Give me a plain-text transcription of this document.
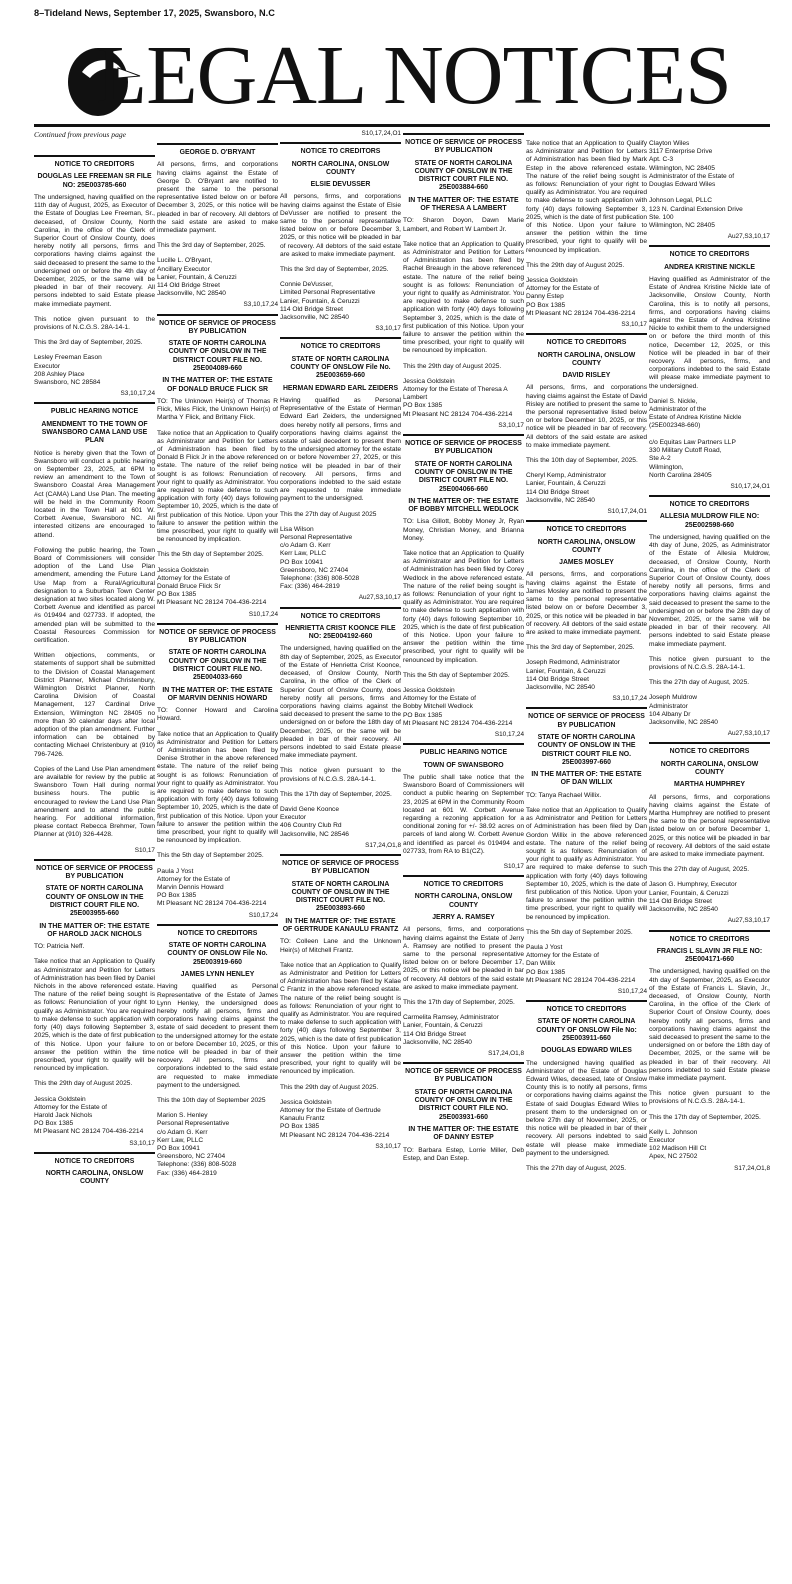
8–Tideland News, September 17, 2025, Swansboro, N.C
LEGAL NOTICES
Continued from previous page
NOTICE TO CREDITORS
DOUGLAS LEE FREEMAN SR FILE NO: 25E003785-660
The undersigned, having qualified on the 11th day of August, 2025, as Executor of the Estate of Douglas Lee Freeman, Sr., deceased, of Onslow County, North Carolina, in the office of the Clerk of Superior Court of Onslow County, does hereby notify all persons, firms and corporations having claims against the said deceased to present the same to the undersigned on or before the 4th day of December, 2025, or the same will be pleaded in bar of their recovery. All persons indebted to said Estate please make immediate payment.
This notice given pursuant to the provisions of N.C.G.S. 28A-14-1.
This the 3rd day of September, 2025.
Lesley Freeman Eason
Executor
208 Ashley Place
Swansboro, NC 28584
S3,10,17,24
PUBLIC HEARING NOTICE
AMENDMENT TO THE TOWN OF SWANSBORO CAMA LAND USE PLAN
Notice is hereby given that the Town of Swansboro will conduct a public hearing on September 23, 2025, at 6PM to review an amendment to the Town of Swansboro Coastal Area Management Act (CAMA) Land Use Plan. The meeting will be held in the Community Room located in the Town Hall at 601 W. Corbett Avenue, Swansboro NC. All interested citizens are encouraged to attend.
Following the public hearing, the Town Board of Commissioners will consider adoption of the Land Use Plan amendment, amending the Future Land Use Map from a Rural/Agricultural designation to a Suburban Town Center designation at two sites located along W. Corbett Avenue and identified as parcel #s 019494 and 027733. If adopted, the amended plan will be submitted to the Coastal Resources Commission for certification.
Written objections, comments, or statements of support shall be submitted to the Division of Coastal Management District Planner, Michael Christenbury, Wilmington District Planner, North Carolina Division of Coastal Management, 127 Cardinal Drive Extension, Wilmington NC 28405 no more than 30 calendar days after local adoption of the plan amendment. Further information can be obtained by contacting Michael Christenbury at (910) 796-7426.
Copies of the Land Use Plan amendment are available for review by the public at Swansboro Town Hall during normal business hours. The public is encouraged to review the Land Use Plan amendment and to attend the public hearing. For additional information, please contact Rebecca Brehmer, Town Planner at (910) 326-4428.
S10,17
NOTICE OF SERVICE OF PROCESS BY PUBLICATION
STATE OF NORTH CAROLINA COUNTY OF ONSLOW IN THE DISTRICT COURT FILE NO. 25E003955-660
IN THE MATTER OF: THE ESTATE OF HAROLD JACK NICHOLS
TO: Patricia Neff.
Take notice that an Application to Qualify as Administrator and Petition for Letters of Administration has been filed by Daniel Nichols in the above referenced estate. The nature of the relief being sought is as follows: Renunciation of your right to qualify as Administrator. You are required to make defense to such application with forty (40) days following September 3, 2025, which is the date of first publication of this Notice. Upon your failure to answer the petition within the time prescribed, your right to qualify will be renounced by implication.
This the 29th day of August 2025.
Jessica Goldstein
Attorney for the Estate of
Harold Jack Nichols
PO Box 1385
Mt Pleasant NC 28124 704-436-2214
S3,10,17
NOTICE TO CREDITORS
NORTH CAROLINA, ONSLOW COUNTY
GEORGE D. O'BRYANT
All persons, firms, and corporations having claims against the Estate of George D. O'Bryant are notified to present the same to the personal representative listed below on or before December 3, 2025, or this notice will be pleaded in bar of recovery. All debtors of the said estate are asked to make immediate payment.
This the 3rd day of September, 2025.
Lucille L. O'Bryant,
Ancillary Executor
Lanier, Fountain, & Ceruzzi
114 Old Bridge Street
Jacksonville, NC 28540
S3,10,17,24
NOTICE OF SERVICE OF PROCESS BY PUBLICATION
STATE OF NORTH CAROLINA COUNTY OF ONSLOW IN THE DISTRICT COURT FILE NO. 25E004089-660
IN THE MATTER OF: THE ESTATE OF DONALD BRUCE FLICK SR
TO: The Unknown Heir(s) of Thomas R Flick, Miles Flick, the Unknown Heir(s) of Martha Y Flick, and Brittany Flick.
Take notice that an Application to Qualify as Administrator and Petition for Letters of Administration has been filed by Donald B Flick Jr in the above referenced estate. The nature of the relief being sought is as follows: Renunciation of your right to qualify as Administrator. You are required to make defense to such application with forty (40) days following September 10, 2025, which is the date of first publication of this Notice. Upon your failure to answer the petition within the time prescribed, your right to qualify will be renounced by implication.
This the 5th day of September 2025.
Jessica Goldstein
Attorney for the Estate of
Donald Bruce Flick Sr
PO Box 1385
Mt Pleasant NC 28124 704-436-2214
S10,17,24
NOTICE OF SERVICE OF PROCESS BY PUBLICATION
STATE OF NORTH CAROLINA COUNTY OF ONSLOW IN THE DISTRICT COURT FILE NO. 25E004033-660
IN THE MATTER OF: THE ESTATE OF MARVIN DENNIS HOWARD
TO: Conner Howard and Carolina Howard.
Take notice that an Application to Qualify as Administrator and Petition for Letters of Administration has been filed by Denise Strother in the above referenced estate. The nature of the relief being sought is as follows: Renunciation of your right to qualify as Administrator. You are required to make defense to such application with forty (40) days following September 10, 2025, which is the date of first publication of this Notice. Upon your failure to answer the petition within the time prescribed, your right to qualify will be renounced by implication.
This the 5th day of September 2025.
Paula J Yost
Attorney for the Estate of
Marvin Dennis Howard
PO Box 1385
Mt Pleasant NC 28124 704-436-2214
S10,17,24
NOTICE TO CREDITORS
STATE OF NORTH CAROLINA COUNTY OF ONSLOW File No. 25E003919-660
JAMES LYNN HENLEY
Having qualified as Personal Representative of the Estate of James Lynn Henley, the undersigned does hereby notify all persons, firms and corporations having claims against the estate of said decedent to present them to the undersigned attorney for the estate on or before December 10, 2025, or this notice will be pleaded in bar of their recovery. All persons, firms and corporations indebted to the said estate are requested to make immediate payment to the undersigned.
This the 10th day of September 2025
Marion S. Henley
Personal Representative
c/o Adam G. Kerr
Kerr Law, PLLC
PO Box 10941
Greensboro, NC 27404
Telephone: (336) 808-5028
Fax: (336) 464-2819
S10,17,24,O1
NOTICE TO CREDITORS
NORTH CAROLINA, ONSLOW COUNTY
ELSIE DEVUSSER
All persons, firms, and corporations having claims against the Estate of Elsie DeVusser are notified to present the same to the personal representative listed below on or before December 3, 2025, or this notice will be pleaded in bar of recovery. All debtors of the said estate are asked to make immediate payment.
This the 3rd day of September, 2025.
Connie DeVusser,
Limited Personal Representative
Lanier, Fountain, & Ceruzzi
114 Old Bridge Street
Jacksonville, NC 28540
S3,10,17
NOTICE TO CREDITORS
STATE OF NORTH CAROLINA COUNTY OF ONSLOW File No. 25E003659-660
HERMAN EDWARD EARL ZEIDERS
Having qualified as Personal Representative of the Estate of Herman Edward Earl Zeiders, the undersigned does hereby notify all persons, firms and corporations having claims against the estate of said decedent to present them to the undersigned attorney for the estate on or before November 27, 2025, or this notice will be pleaded in bar of their recovery. All persons, firms and corporations indebted to the said estate are requested to make immediate payment to the undersigned.
This the 27th day of August 2025
Lisa Wilson
Personal Representative
c/o Adam G. Kerr
Kerr Law, PLLC
PO Box 10941
Greensboro, NC 27404
Telephone: (336) 808-5028
Fax: (336) 464-2819
Au27,S3,10,17
NOTICE TO CREDITORS
HENRIETTA CRIST KOONCE FILE NO: 25E004192-660
The undersigned, having qualified on the 8th day of September, 2025, as Executor of the Estate of Henrietta Crist Koonce, deceased, of Onslow County, North Carolina, in the office of the Clerk of Superior Court of Onslow County, does hereby notify all persons, firms and corporations having claims against the said deceased to present the same to the undersigned on or before the 18th day of December, 2025, or the same will be pleaded in bar of their recovery. All persons indebted to said Estate please make immediate payment.
This notice given pursuant to the provisions of N.C.G.S. 28A-14-1.
This the 17th day of September, 2025.
David Gene Koonce
Executor
406 Country Club Rd
Jacksonville, NC 28546
S17,24,O1,8
NOTICE OF SERVICE OF PROCESS BY PUBLICATION
STATE OF NORTH CAROLINA COUNTY OF ONSLOW IN THE DISTRICT COURT FILE NO. 25E003893-660
IN THE MATTER OF: THE ESTATE OF GERTRUDE KANAULU FRANTZ
TO: Colleen Lane and the Unknown Heir(s) of Mitchell Frantz.
Take notice that an Application to Qualify as Administrator and Petition for Letters of Administration has been filed by Kalae C Frantz in the above referenced estate. The nature of the relief being sought is as follows: Renunciation of your right to qualify as Administrator. You are required to make defense to such application with forty (40) days following September 3, 2025, which is the date of first publication of this Notice. Upon your failure to answer the petition within the time prescribed, your right to qualify will be renounced by implication.
This the 29th day of August 2025.
Jessica Goldstein
Attorney for the Estate of Gertrude Kanaulu Frantz
PO Box 1385
Mt Pleasant NC 28124 704-436-2214
S3,10,17
NOTICE OF SERVICE OF PROCESS BY PUBLICATION
STATE OF NORTH CAROLINA COUNTY OF ONSLOW IN THE DISTRICT COURT FILE NO. 25E003884-660
IN THE MATTER OF: THE ESTATE OF THERESA A LAMBERT
TO: Sharon Doyon, Dawn Marie Lambert, and Robert W Lambert Jr.
Take notice that an Application to Qualify as Administrator and Petition for Letters of Administration has been filed by Rachel Breaugh in the above referenced estate. The nature of the relief being sought is as follows: Renunciation of your right to qualify as Administrator. You are required to make defense to such application with forty (40) days following September 3, 2025, which is the date of first publication of this Notice. Upon your failure to answer the petition within the time prescribed, your right to qualify will be renounced by implication.
This the 29th day of August 2025.
Jessica Goldstein
Attorney for the Estate of Theresa A Lambert
PO Box 1385
Mt Pleasant NC 28124 704-436-2214
S3,10,17
NOTICE OF SERVICE OF PROCESS BY PUBLICATION
STATE OF NORTH CAROLINA COUNTY OF ONSLOW IN THE DISTRICT COURT FILE NO. 25E004066-660
IN THE MATTER OF: THE ESTATE OF BOBBY MITCHELL WEDLOCK
TO: Lisa Gillott, Bobby Money Jr, Ryan Money, Christian Money, and Brianna Money.
Take notice that an Application to Qualify as Administrator and Petition for Letters of Administration has been filed by Corey Wedlock in the above referenced estate. The nature of the relief being sought is as follows: Renunciation of your right to qualify as Administrator. You are required to make defense to such application with forty (40) days following September 10, 2025, which is the date of first publication of this Notice. Upon your failure to answer the petition within the time prescribed, your right to qualify will be renounced by implication.
This the 5th day of September 2025.
Jessica Goldstein
Attorney for the Estate of
Bobby Mitchell Wedlock
PO Box 1385
Mt Pleasant NC 28124 704-436-2214
S10,17,24
PUBLIC HEARING NOTICE
TOWN OF SWANSBORO
The public shall take notice that the Swansboro Board of Commissioners will conduct a public hearing on September 23, 2025 at 6PM in the Community Room located at 601 W. Corbett Avenue regarding a rezoning application for a conditional zoning for +/- 38.92 acres on parcels of land along W. Corbett Avenue and identified as parcel #s 019494 and 027733, from RA to B1(CZ).
S10,17
NOTICE TO CREDITORS
NORTH CAROLINA, ONSLOW COUNTY
JERRY A. RAMSEY
All persons, firms, and corporations having claims against the Estate of Jerry A. Ramsey are notified to present the same to the personal representative listed below on or before December 17, 2025, or this notice will be pleaded in bar of recovery. All debtors of the said estate are asked to make immediate payment.
This the 17th day of September, 2025.
Carmelita Ramsey, Administrator
Lanier, Fountain, & Ceruzzi
114 Old Bridge Street
Jacksonville, NC 28540
S17,24,O1,8
NOTICE OF SERVICE OF PROCESS BY PUBLICATION
STATE OF NORTH CAROLINA COUNTY OF ONSLOW IN THE DISTRICT COURT FILE NO. 25E003931-660
IN THE MATTER OF: THE ESTATE OF DANNY ESTEP
TO: Barbara Estep, Lorrie Miller, Deb Estep, and Dan Estep.
Take notice that an Application to Qualify as Administrator and Petition for Letters of Administration has been filed by Mark Estep in the above referenced estate. The nature of the relief being sought is as follows: Renunciation of your right to qualify as Administrator. You are required to make defense to such application with forty (40) days following September 3, 2025, which is the date of first publication of this Notice. Upon your failure to answer the petition within the time prescribed, your right to qualify will be renounced by implication.
This the 29th day of August 2025.
Jessica Goldstein
Attorney for the Estate of
Danny Estep
PO Box 1385
Mt Pleasant NC 28124 704-436-2214
S3,10,17
NOTICE TO CREDITORS
NORTH CAROLINA, ONSLOW COUNTY
DAVID RISLEY
All persons, firms, and corporations having claims against the Estate of David Risley are notified to present the same to the personal representative listed below on or before December 10, 2025, or this notice will be pleaded in bar of recovery. All debtors of the said estate are asked to make immediate payment.
This the 10th day of September, 2025.
Cheryl Kemp, Administrator
Lanier, Fountain, & Ceruzzi
114 Old Bridge Street
Jacksonville, NC 28540
S10,17,24,O1
NOTICE TO CREDITORS
NORTH CAROLINA, ONSLOW COUNTY
JAMES MOSLEY
All persons, firms, and corporations having claims against the Estate of James Mosley are notified to present the same to the personal representative listed below on or before December 3, 2025, or this notice will be pleaded in bar of recovery. All debtors of the said estate are asked to make immediate payment.
This the 3rd day of September, 2025.
Joseph Redmond, Administrator
Lanier, Fountain, & Ceruzzi
114 Old Bridge Street
Jacksonville, NC 28540
S3,10,17,24
NOTICE OF SERVICE OF PROCESS BY PUBLICATION
STATE OF NORTH CAROLINA COUNTY OF ONSLOW IN THE DISTRICT COURT FILE NO. 25E003997-660
IN THE MATTER OF: THE ESTATE OF DAN WILLIX
TO: Tanya Rachael Willix.
Take notice that an Application to Qualify as Administrator and Petition for Letters of Administration has been filed by Dan Gordon Willix in the above referenced estate. The nature of the relief being sought is as follows: Renunciation of your right to qualify as Administrator. You are required to make defense to such application with forty (40) days following September 10, 2025, which is the date of first publication of this Notice. Upon your failure to answer the petition within the time prescribed, your right to qualify will be renounced by implication.
This the 5th day of September 2025.
Paula J Yost
Attorney for the Estate of
Dan Willix
PO Box 1385
Mt Pleasant NC 28124 704-436-2214
S10,17,24
NOTICE TO CREDITORS
STATE OF NORTH CAROLINA COUNTY OF ONSLOW File No: 25E003911-660
DOUGLAS EDWARD WILES
The undersigned having qualified as Administrator of the Estate of Douglas Edward Wiles, deceased, late of Onslow County this is to notify all persons, firms or corporations having claims against the Estate of said Douglas Edward Wiles to present them to the undersigned on or before 27th day of November, 2025, or this notice will be pleaded in bar of their recovery. All persons indebted to said estate will please make immediate payment to the undersigned.
This the 27th day of August, 2025.
Clayton Wiles
3117 Enterprise Drive
Apt. C-3
Wilmington, NC 28405
Administrator of the Estate of
Douglas Edward Wiles

Johnson Legal, PLLC
123 N. Cardinal Extension Drive
Ste. 100
Wilmington, NC 28405
Au27,S3,10,17
NOTICE TO CREDITORS
ANDREA KRISTINE NICKLE
Having qualified as Administrator of the Estate of Andrea Kristine Nickle late of Jacksonville, Onslow County, North Carolina, this is to notify all persons, firms, and corporations having claims against the Estate of Andrea Kristine Nickle to exhibit them to the undersigned on or before the third month of this notice, December 12, 2025, or this Notice will be pleaded in bar of their recovery. All persons, firms, and corporations indebted to the said Estate will please make immediate payment to the undersigned.
Daniel S. Nickle,
Administrator of the
Estate of Andrea Kristine Nickle
(25E002348-660)

c/o Equitas Law Partners LLP
330 Military Cutoff Road,
Ste A-2
Wilmington,
North Carolina 28405
S10,17,24,O1
NOTICE TO CREDITORS
ALLESIA MULDROW FILE NO: 25E002598-660
The undersigned, having qualified on the 4th day of June, 2025, as Administrator of the Estate of Allesia Muldrow, deceased, of Onslow County, North Carolina, in the office of the Clerk of Superior Court of Onslow County, does hereby notify all persons, firms and corporations having claims against the said deceased to present the same to the undersigned on or before the 28th day of November, 2025, or the same will be pleaded in bar of their recovery. All persons indebted to said Estate please make immediate payment.
This notice given pursuant to the provisions of N.C.G.S. 28A-14-1.
This the 27th day of August, 2025.
Joseph Muldrow
Administrator
104 Albany Dr
Jacksonville, NC 28540
Au27,S3,10,17
NOTICE TO CREDITORS
NORTH CAROLINA, ONSLOW COUNTY
MARTHA HUMPHREY
All persons, firms, and corporations having claims against the Estate of Martha Humphrey are notified to present the same to the personal representative listed below on or before December 1, 2025, or this notice will be pleaded in bar of recovery. All debtors of the said estate are asked to make immediate payment.
This the 27th day of August, 2025.
Jason G. Humphrey, Executor
Lanier, Fountain, & Ceruzzi
114 Old Bridge Street
Jacksonville, NC 28540
Au27,S3,10,17
NOTICE TO CREDITORS
FRANCIS L SLAVIN JR FILE NO: 25E004171-660
The undersigned, having qualified on the 4th day of September, 2025, as Executor of the Estate of Francis L. Slavin, Jr., deceased, of Onslow County, North Carolina, in the office of the Clerk of Superior Court of Onslow County, does hereby notify all persons, firms and corporations having claims against the said deceased to present the same to the undersigned on or before the 18th day of December, 2025, or the same will be pleaded in bar of their recovery. All persons indebted to said Estate please make immediate payment.
This notice given pursuant to the provisions of N.C.G.S. 28A-14-1.
This the 17th day of September, 2025.
Kelly L. Johnson
Executor
102 Madison Hill Ct
Apex, NC 27502
S17,24,O1,8
